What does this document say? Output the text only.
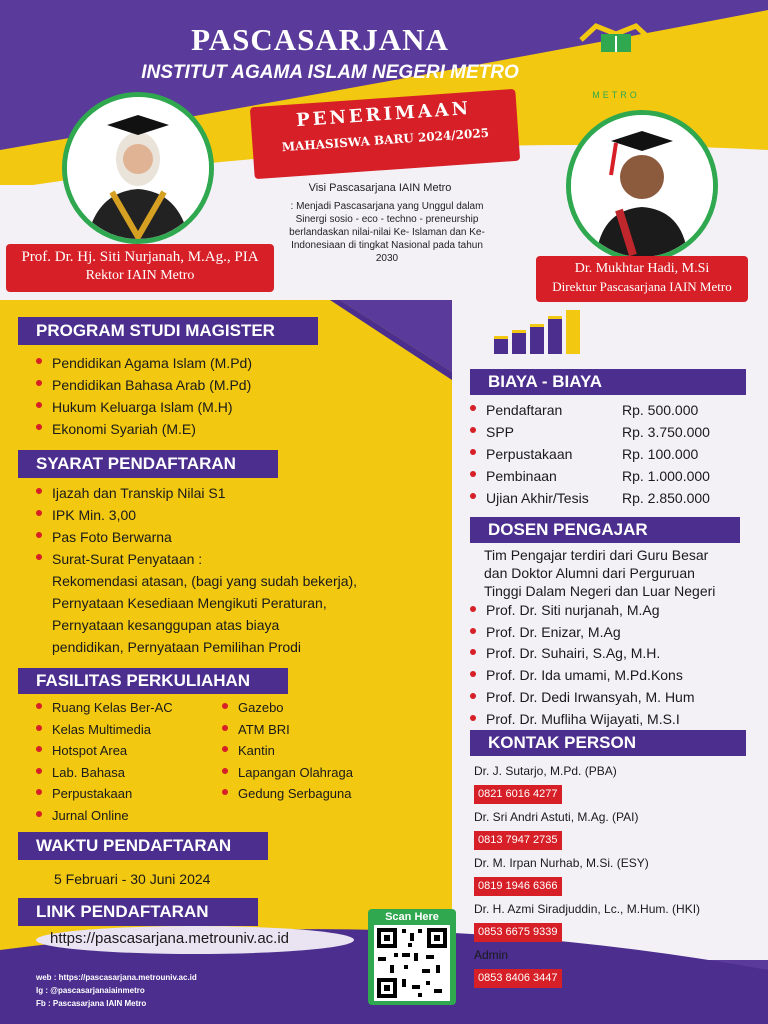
PASCASARJANA
INSTITUT AGAMA ISLAM NEGERI METRO	IAIN
METRO
Prof. Dr. Hj. Siti Nurjanah, M.Ag., PIA
Rektor IAIN Metro	Dr. Mukhtar Hadi, M.Si
Direktur Pascasarjana IAIN Metro
PENERIMAAN
MAHASISWA BARU 2024/2025
Visi Pascasarjana IAIN Metro
: Menjadi Pascasarjana yang Unggul dalam Sinergi sosio - eco - techno - preneurship berlandaskan nilai-nilai Ke- Islaman dan Ke-Indonesiaan di tingkat Nasional pada tahun 2030
PROGRAM STUDI MAGISTER
Pendidikan Agama Islam (M.Pd)
Pendidikan Bahasa Arab (M.Pd)
Hukum Keluarga Islam (M.H)
Ekonomi Syariah (M.E)
SYARAT PENDAFTARAN
Ijazah dan Transkip Nilai S1
IPK Min. 3,00
Pas Foto Berwarna
Surat-Surat Penyataan :
Rekomendasi atasan, (bagi yang sudah bekerja),
Pernyataan Kesediaan Mengikuti Peraturan,
Pernyataan kesanggupan atas biaya
pendidikan, Pernyataan Pemilihan Prodi
FASILITAS PERKULIAHAN
Ruang Kelas Ber-AC
Kelas Multimedia
Hotspot Area
Lab. Bahasa
Perpustakaan
Jurnal Online
Gazebo
ATM BRI
Kantin
Lapangan Olahraga
Gedung Serbaguna
WAKTU PENDAFTARAN
5 Februari - 30 Juni 2024
LINK PENDAFTARAN
https://pascasarjana.metrouniv.ac.id
Scan Here
web : https://pascasarjana.metrouniv.ac.id
Ig : @pascasarjanaiainmetro
Fb : Pascasarjana IAIN Metro
BIAYA - BIAYA
Pendaftaran	Rp. 500.000
SPP	Rp. 3.750.000
Perpustakaan	Rp. 100.000
Pembinaan	Rp. 1.000.000
Ujian Akhir/Tesis	Rp. 2.850.000
DOSEN PENGAJAR
Tim Pengajar terdiri dari Guru Besar
dan Doktor Alumni dari Perguruan
Tinggi Dalam Negeri dan Luar Negeri
Prof. Dr. Siti nurjanah, M.Ag
Prof. Dr. Enizar, M.Ag
Prof. Dr. Suhairi, S.Ag, M.H.
Prof. Dr. Ida umami, M.Pd.Kons
Prof. Dr. Dedi Irwansyah, M. Hum
Prof. Dr. Mufliha Wijayati, M.S.I
KONTAK PERSON
Dr. J. Sutarjo, M.Pd. (PBA)
0821 6016 4277
Dr. Sri Andri Astuti, M.Ag. (PAI)
0813 7947 2735
Dr. M. Irpan Nurhab, M.Si. (ESY)
0819 1946 6366
Dr. H. Azmi Siradjuddin, Lc., M.Hum. (HKI)
0853 6675 9339
Admin
0853 8406 3447
